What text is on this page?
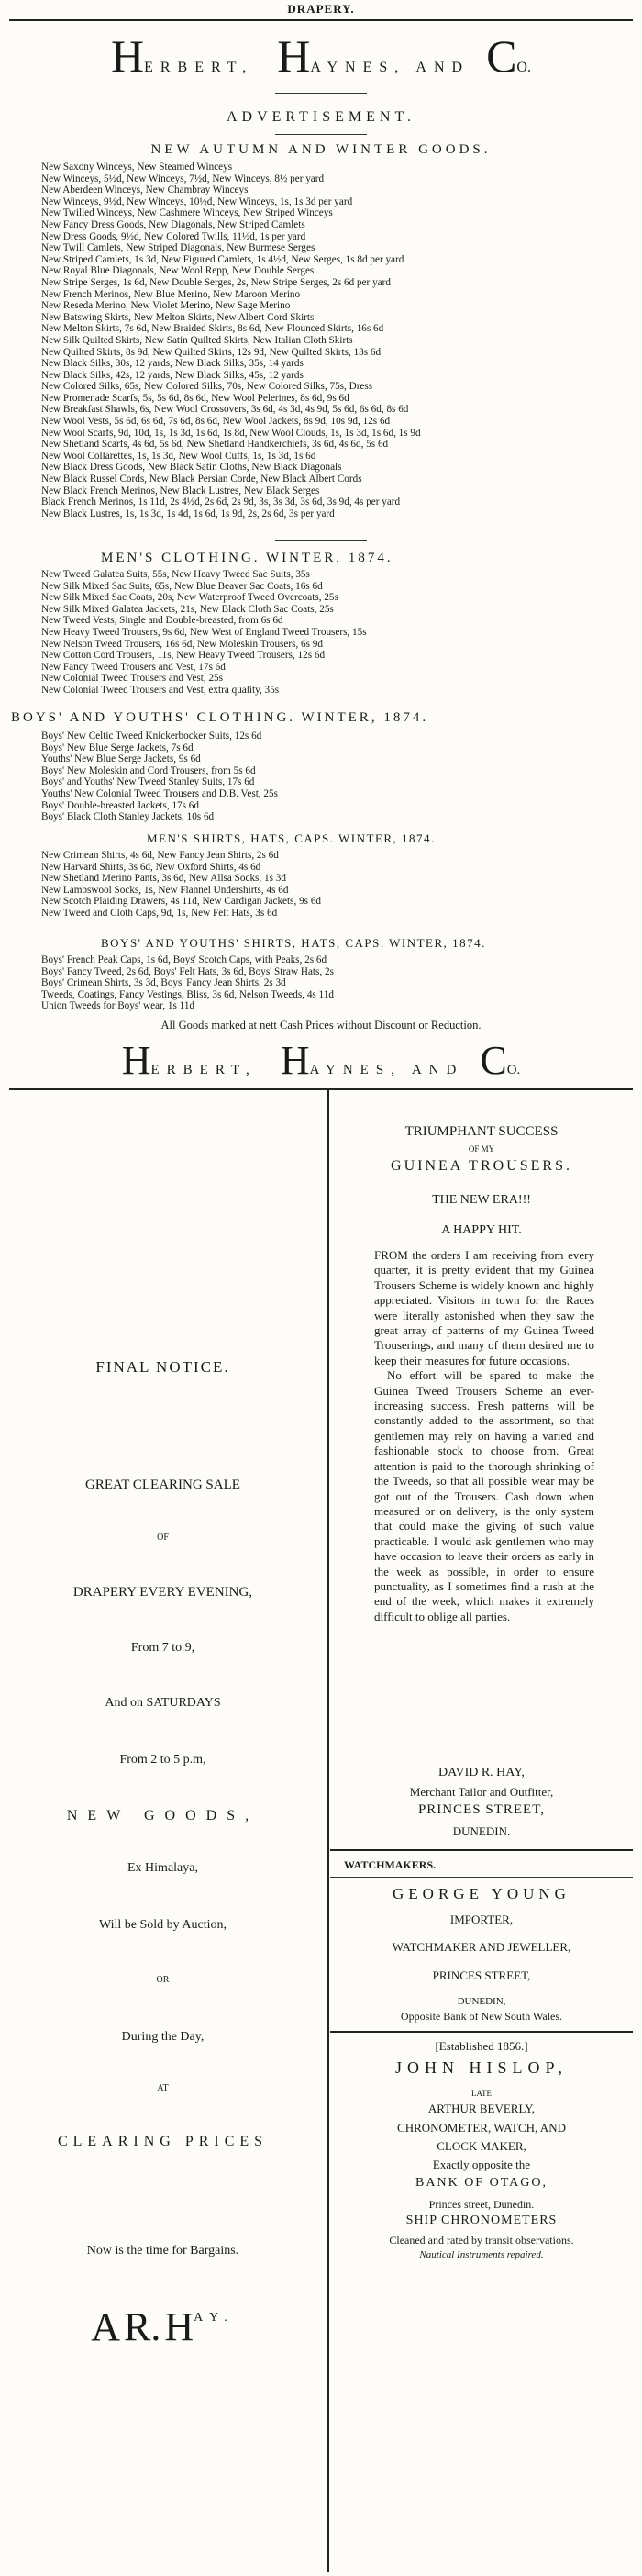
DRAPERY.
HERBERT, HAYNES, AND CO.
ADVERTISEMENT.
NEW AUTUMN AND WINTER GOODS.
New Saxony Winceys, New Steamed Winceys
New Winceys, 5½d, New Winceys, 7½d, New Winceys, 8½ per yard
New Aberdeen Winceys, New Chambray Winceys
New Winceys, 9½d, New Winceys, 10½d, New Winceys, 1s, 1s 3d per yard
New Twilled Winceys, New Cashmere Winceys, New Striped Winceys
New Fancy Dress Goods, New Diagonals, New Striped Camlets
New Dress Goods, 9½d, New Colored Twills, 11½d, 1s per yard
New Twill Camlets, New Striped Diagonals, New Burmese Serges
New Striped Camlets, 1s 3d, New Figured Camlets, 1s 4½d, New Serges, 1s 8d per yard
New Royal Blue Diagonals, New Wool Repp, New Double Serges
New Stripe Serges, 1s 6d, New Double Serges, 2s, New Stripe Serges, 2s 6d per yard
New French Merinos, New Blue Merino, New Maroon Merino
New Reseda Merino, New Violet Merino, New Sage Merino
New Batswing Skirts, New Melton Skirts, New Albert Cord Skirts
New Melton Skirts, 7s 6d, New Braided Skirts, 8s 6d, New Flounced Skirts, 16s 6d
New Silk Quilted Skirts, New Satin Quilted Skirts, New Italian Cloth Skirts
New Quilted Skirts, 8s 9d, New Quilted Skirts, 12s 9d, New Quilted Skirts, 13s 6d
New Black Silks, 30s, 12 yards, New Black Silks, 35s, 14 yards
New Black Silks, 42s, 12 yards, New Black Silks, 45s, 12 yards
New Colored Silks, 65s, New Colored Silks, 70s, New Colored Silks, 75s, Dress
New Promenade Scarfs, 5s, 5s 6d, 8s 6d, New Wool Pelerines, 8s 6d, 9s 6d
New Breakfast Shawls, 6s, New Wool Crossovers, 3s 6d, 4s 3d, 4s 9d, 5s 6d, 6s 6d, 8s 6d
New Wool Vests, 5s 6d, 6s 6d, 7s 6d, 8s 6d, New Wool Jackets, 8s 9d, 10s 9d, 12s 6d
New Wool Scarfs, 9d, 10d, 1s, 1s 3d, 1s 6d, 1s 8d, New Wool Clouds, 1s, 1s 3d, 1s 6d, 1s 9d
New Shetland Scarfs, 4s 6d, 5s 6d, New Shetland Handkerchiefs, 3s 6d, 4s 6d, 5s 6d
New Wool Collarettes, 1s, 1s 3d, New Wool Cuffs, 1s, 1s 3d, 1s 6d
New Black Dress Goods, New Black Satin Cloths, New Black Diagonals
New Black Russel Cords, New Black Persian Corde, New Black Albert Cords
New Black French Merinos, New Black Lustres, New Black Serges
Black French Merinos, 1s 11d, 2s 4½d, 2s 6d, 2s 9d, 3s, 3s 3d, 3s 6d, 3s 9d, 4s per yard
New Black Lustres, 1s, 1s 3d, 1s 4d, 1s 6d, 1s 9d, 2s, 2s 6d, 3s per yard
MEN'S CLOTHING. WINTER, 1874.
New Tweed Galatea Suits, 55s, New Heavy Tweed Sac Suits, 35s
New Silk Mixed Sac Suits, 65s, New Blue Beaver Sac Coats, 16s 6d
New Silk Mixed Sac Coats, 20s, New Waterproof Tweed Overcoats, 25s
New Silk Mixed Galatea Jackets, 21s, New Black Cloth Sac Coats, 25s
New Tweed Vests, Single and Double-breasted, from 6s 6d
New Heavy Tweed Trousers, 9s 6d, New West of England Tweed Trousers, 15s
New Nelson Tweed Trousers, 16s 6d, New Moleskin Trousers, 6s 9d
New Cotton Cord Trousers, 11s, New Heavy Tweed Trousers, 12s 6d
New Fancy Tweed Trousers and Vest, 17s 6d
New Colonial Tweed Trousers and Vest, 25s
New Colonial Tweed Trousers and Vest, extra quality, 35s
BOYS' AND YOUTHS' CLOTHING. WINTER, 1874.
Boys' New Celtic Tweed Knickerbocker Suits, 12s 6d
Boys' New Blue Serge Jackets, 7s 6d
Youths' New Blue Serge Jackets, 9s 6d
Boys' New Moleskin and Cord Trousers, from 5s 6d
Boys' and Youths' New Tweed Stanley Suits, 17s 6d
Youths' New Colonial Tweed Trousers and D.B. Vest, 25s
Boys' Double-breasted Jackets, 17s 6d
Boys' Black Cloth Stanley Jackets, 10s 6d
MEN'S SHIRTS, HATS, CAPS. WINTER, 1874.
New Crimean Shirts, 4s 6d, New Fancy Jean Shirts, 2s 6d
New Harvard Shirts, 3s 6d, New Oxford Shirts, 4s 6d
New Shetland Merino Pants, 3s 6d, New Allsa Socks, 1s 3d
New Lambswool Socks, 1s, New Flannel Undershirts, 4s 6d
New Scotch Plaiding Drawers, 4s 11d, New Cardigan Jackets, 9s 6d
New Tweed and Cloth Caps, 9d, 1s, New Felt Hats, 3s 6d
BOYS' AND YOUTHS' SHIRTS, HATS, CAPS. WINTER, 1874.
Boys' French Peak Caps, 1s 6d, Boys' Scotch Caps, with Peaks, 2s 6d
Boys' Fancy Tweed, 2s 6d, Boys' Felt Hats, 3s 6d, Boys' Straw Hats, 2s
Boys' Crimean Shirts, 3s 3d, Boys' Fancy Jean Shirts, 2s 3d
Tweeds, Coatings, Fancy Vestings, Bliss, 3s 6d, Nelson Tweeds, 4s 11d
Union Tweeds for Boys' wear, 1s 11d
All Goods marked at nett Cash Prices without Discount or Reduction.
HERBERT, HAYNES, AND CO.
FINAL NOTICE.
GREAT CLEARING SALE
OF
DRAPERY EVERY EVENING,
From 7 to 9,
And on SATURDAYS
From 2 to 5 p.m,
NEW GOODS,
Ex Himalaya,
Will be Sold by Auction,
OR
During the Day,
AT
CLEARING PRICES
Now is the time for Bargains.
A R. HAY.
TRIUMPHANT SUCCESS
OF MY
GUINEA TROUSERS.
THE NEW ERA!!!
A HAPPY HIT.

FROM the orders I am receiving from every quarter, it is pretty evident that my Guinea Trousers Scheme is widely known and highly appreciated. Visitors in town for the Races were literally astonished when they saw the great array of patterns of my Guinea Tweed Trouserings, and many of them desired me to keep their measures for future occasions.

No effort will be spared to make the Guinea Tweed Trousers Scheme an ever-increasing success. Fresh patterns will be constantly added to the assortment, so that gentlemen may rely on having a varied and fashionable stock to choose from. Great attention is paid to the thorough shrinking of the Tweeds, so that all possible wear may be got out of the Trousers. Cash down when measured or on delivery, is the only system that could make the giving of such value practicable. I would ask gentlemen who may have occasion to leave their orders as early in the week as possible, in order to ensure punctuality, as I sometimes find a rush at the end of the week, which makes it extremely difficult to oblige all parties.

DAVID R. HAY,
Merchant Tailor and Outfitter,
PRINCES STREET,
DUNEDIN.
WATCHMAKERS.
GEORGE YOUNG
IMPORTER,
WATCHMAKER AND JEWELLER,
PRINCES STREET,
DUNEDIN,
Opposite Bank of New South Wales.
[Established 1856.]
JOHN HISLOP,
LATE
ARTHUR BEVERLY,
CHRONOMETER, WATCH, AND
CLOCK MAKER,
Exactly opposite the
BANK OF OTAGO,
Princes street, Dunedin.
SHIP CHRONOMETERS
Cleaned and rated by transit observations.
Nautical Instruments repaired.
